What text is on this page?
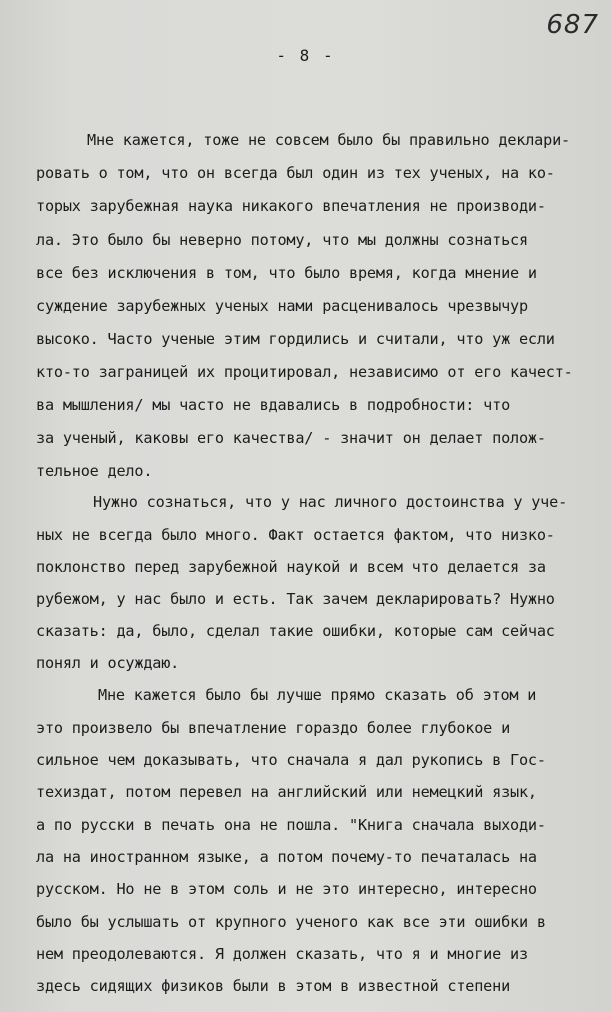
687
- 8 -
Мне кажется, тоже не совсем было бы правильно деклари-
ровать о том, что он всегда был один из тех ученых, на ко-
торых зарубежная наука никакого впечатления не производи-
ла. Это было бы неверно потому, что мы должны сознаться
все без исключения в том, что было время, когда мнение и
суждение зарубежных ученых нами расценивалось чрезвычур
высоко. Часто ученые этим гордились и считали, что уж если
кто-то заграницей их процитировал, независимо от его качест-
ва мышления/ мы часто не вдавались в подробности: что
за ученый, каковы его качества/ - значит он делает полож-
тельное дело.
Нужно сознаться, что у нас личного достоинства у уче-
ных не всегда было много. Факт остается фактом, что низко-
поклонство перед зарубежной наукой и всем что делается за
рубежом, у нас было и есть. Так зачем декларировать? Нужно
сказать: да, было, сделал такие ошибки, которые сам сейчас
понял и осуждаю.
Мне кажется было бы лучше прямо сказать об этом и
это произвело бы впечатление гораздо более глубокое и
сильное чем доказывать, что сначала я дал рукопись в Гос-
техиздат, потом перевел на английский или немецкий язык,
а по русски в печать она не пошла. "Книга сначала выходи-
ла на иностранном языке, а потом почему-то печаталась на
русском. Но не в этом соль и не это интересно, интересно
было бы услышать от крупного ученого как все эти ошибки в
нем преодолеваются. Я должен сказать, что я и многие из
здесь сидящих физиков были в этом в известной степени
